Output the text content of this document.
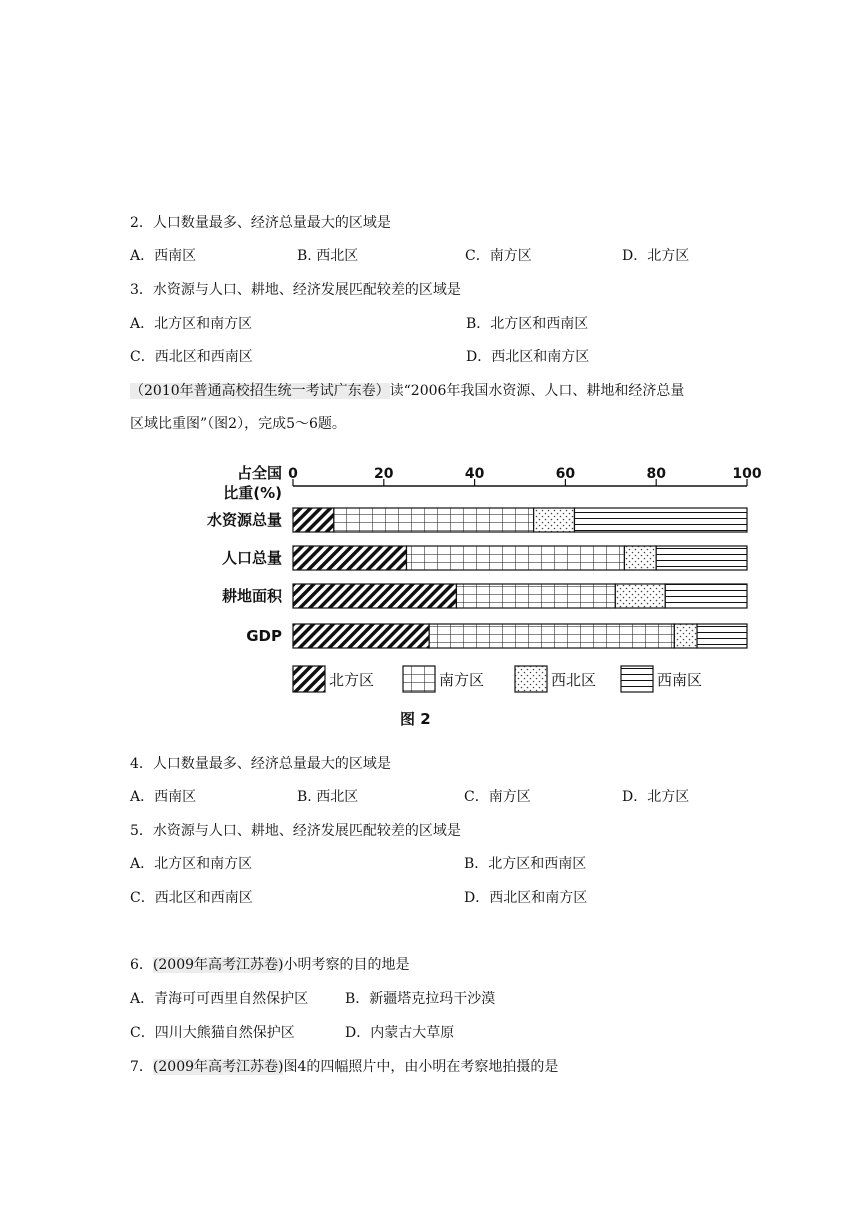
2．人口数量最多、经济总量最大的区域是
A．西南区	B. 西北区	C．南方区	D．北方区
3．水资源与人口、耕地、经济发展匹配较差的区域是
A．北方区和南方区	B．北方区和西南区
C．西北区和西南区	D．西北区和南方区
（2010年普通高校招生统一考试广东卷）读“2006年我国水资源、人口、耕地和经济总量
区域比重图”（图2），完成5～6题。
占全国
比重(%)
0	20	40	60	80	100
水资源总量
人口总量
耕地面积
GDP
北方区	南方区	西北区	西南区
图 2
4．人口数量最多、经济总量最大的区域是
A．西南区	B. 西北区	C．南方区	D．北方区
5．水资源与人口、耕地、经济发展匹配较差的区域是
A．北方区和南方区	B．北方区和西南区
C．西北区和西南区	D．西北区和南方区
6．(2009年高考江苏卷)小明考察的目的地是
A．青海可可西里自然保护区	B．新疆塔克拉玛干沙漠
C．四川大熊猫自然保护区	D．内蒙古大草原
7．(2009年高考江苏卷)图4的四幅照片中，由小明在考察地拍摄的是
